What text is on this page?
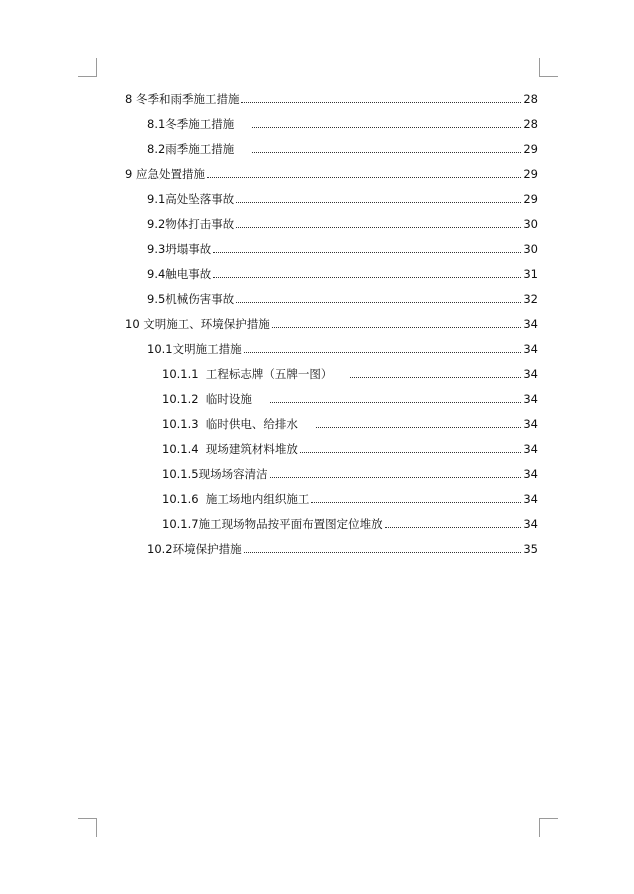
8 冬季和雨季施工措施	28
8.1冬季施工措施	28
8.2雨季施工措施	29
9 应急处置措施	29
9.1高处坠落事故	29
9.2物体打击事故	30
9.3坍塌事故	30
9.4触电事故	31
9.5机械伤害事故	32
10 文明施工、环境保护措施	34
10.1文明施工措施	34
10.1.1  工程标志牌（五牌一图）	34
10.1.2  临时设施	34
10.1.3  临时供电、给排水	34
10.1.4  现场建筑材料堆放	34
10.1.5现场场容清洁	34
10.1.6  施工场地内组织施工	34
10.1.7施工现场物品按平面布置图定位堆放	34
10.2环境保护措施	35
